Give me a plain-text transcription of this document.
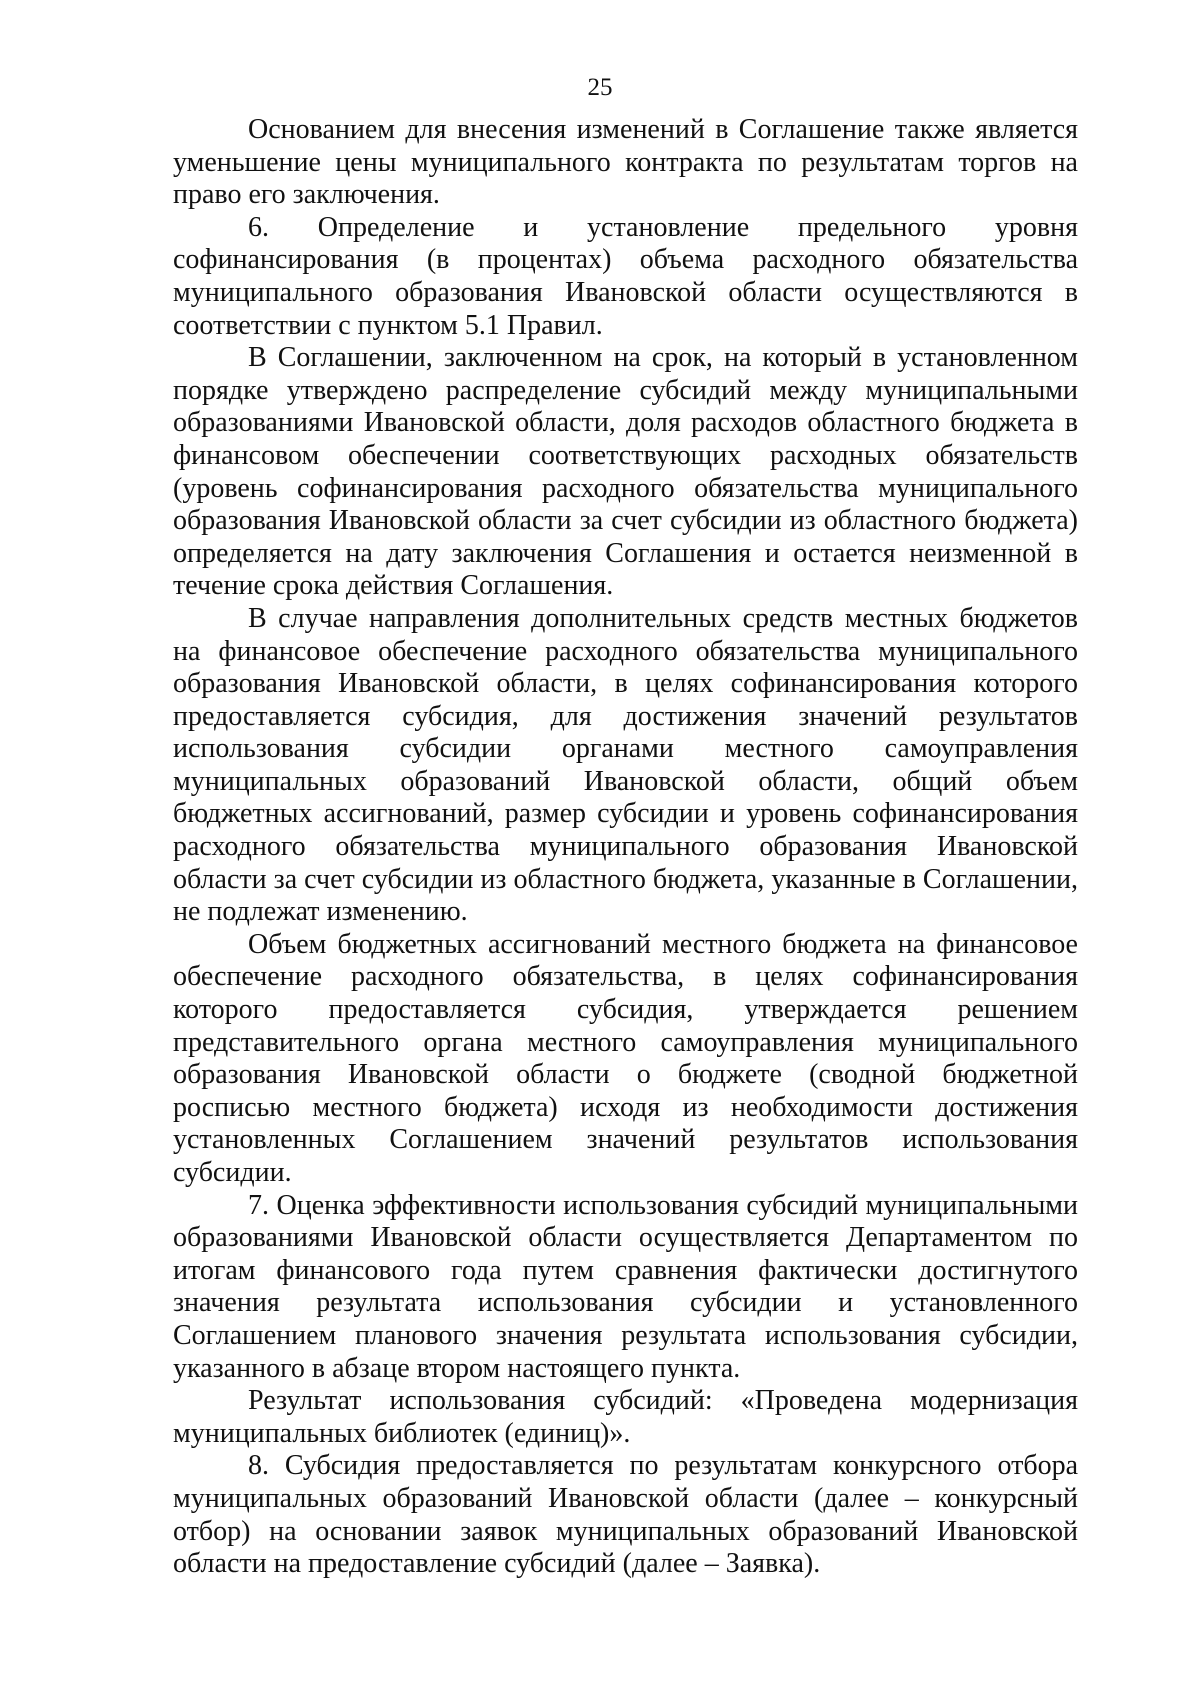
25

Основанием для внесения изменений в Соглашение также является уменьшение цены муниципального контракта по результатам торгов на право его заключения.

6. Определение и установление предельного уровня софинансирования (в процентах) объема расходного обязательства муниципального образования Ивановской области осуществляются в соответствии с пунктом 5.1 Правил.

В Соглашении, заключенном на срок, на который в установленном порядке утверждено распределение субсидий между муниципальными образованиями Ивановской области, доля расходов областного бюджета в финансовом обеспечении соответствующих расходных обязательств (уровень софинансирования расходного обязательства муниципального образования Ивановской области за счет субсидии из областного бюджета) определяется на дату заключения Соглашения и остается неизменной в течение срока действия Соглашения.

В случае направления дополнительных средств местных бюджетов на финансовое обеспечение расходного обязательства муниципального образования Ивановской области, в целях софинансирования которого предоставляется субсидия, для достижения значений результатов использования субсидии органами местного самоуправления муниципальных образований Ивановской области, общий объем бюджетных ассигнований, размер субсидии и уровень софинансирования расходного обязательства муниципального образования Ивановской области за счет субсидии из областного бюджета, указанные в Соглашении, не подлежат изменению.

Объем бюджетных ассигнований местного бюджета на финансовое обеспечение расходного обязательства, в целях софинансирования которого предоставляется субсидия, утверждается решением представительного органа местного самоуправления муниципального образования Ивановской области о бюджете (сводной бюджетной росписью местного бюджета) исходя из необходимости достижения установленных Соглашением значений результатов использования субсидии.

7. Оценка эффективности использования субсидий муниципальными образованиями Ивановской области осуществляется Департаментом по итогам финансового года путем сравнения фактически достигнутого значения результата использования субсидии и установленного Соглашением планового значения результата использования субсидии, указанного в абзаце втором настоящего пункта.

Результат использования субсидий: «Проведена модернизация муниципальных библиотек (единиц)».

8. Субсидия предоставляется по результатам конкурсного отбора муниципальных образований Ивановской области (далее – конкурсный отбор) на основании заявок муниципальных образований Ивановской области на предоставление субсидий (далее – Заявка).
